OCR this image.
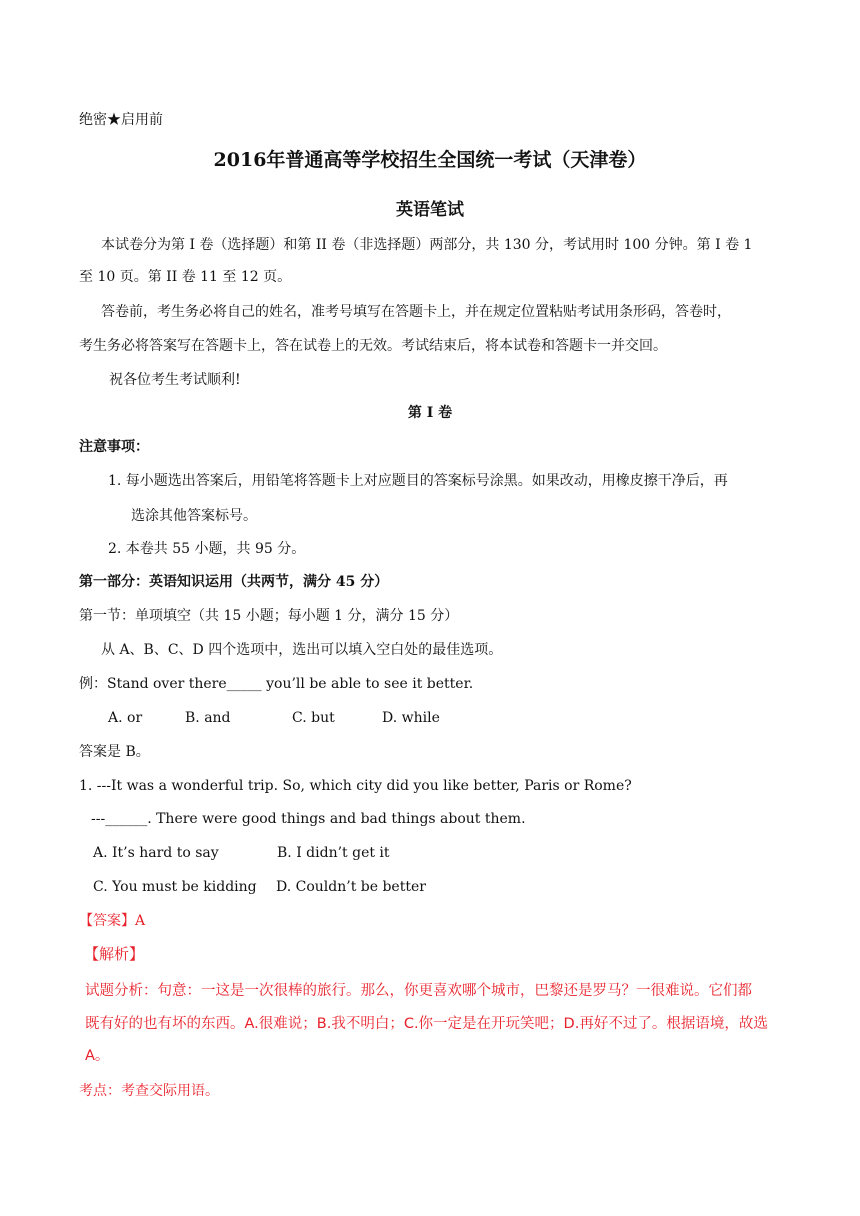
绝密★启用前
2016年普通高等学校招生全国统一考试（天津卷）
英语笔试
本试卷分为第 I 卷（选择题）和第 II 卷（非选择题）两部分，共 130 分，考试用时 100 分钟。第 I 卷 1
至 10 页。第 II 卷 11 至 12 页。
答卷前，考生务必将自己的姓名，准考号填写在答题卡上，并在规定位置粘贴考试用条形码，答卷时，
考生务必将答案写在答题卡上，答在试卷上的无效。考试结束后，将本试卷和答题卡一并交回。
祝各位考生考试顺利!
第 I 卷
注意事项：
1. 每小题选出答案后，用铅笔将答题卡上对应题目的答案标号涂黑。如果改动，用橡皮擦干净后，再
选涂其他答案标号。
2. 本卷共 55 小题，共 95 分。
第一部分：英语知识运用（共两节，满分 45 分）
第一节：单项填空（共 15 小题；每小题 1 分，满分 15 分）
从 A、B、C、D 四个选项中，选出可以填入空白处的最佳选项。
例：Stand over there_____ you’ll be able to see it better.
A. or	B. and	C. but	D. while
答案是 B。
1. ---It was a wonderful trip. So, which city did you like better, Paris or Rome?
---______. There were good things and bad things about them.
A. It’s hard to say	B. I didn’t get it
C. You must be kidding D. Couldn’t be better
【答案】A
【解析】
试题分析：句意：一这是一次很棒的旅行。那么，你更喜欢哪个城市，巴黎还是罗马？一很难说。它们都
既有好的也有坏的东西。A.很难说；B.我不明白；C.你一定是在开玩笑吧；D.再好不过了。根据语境，故选
A。
考点：考查交际用语。
